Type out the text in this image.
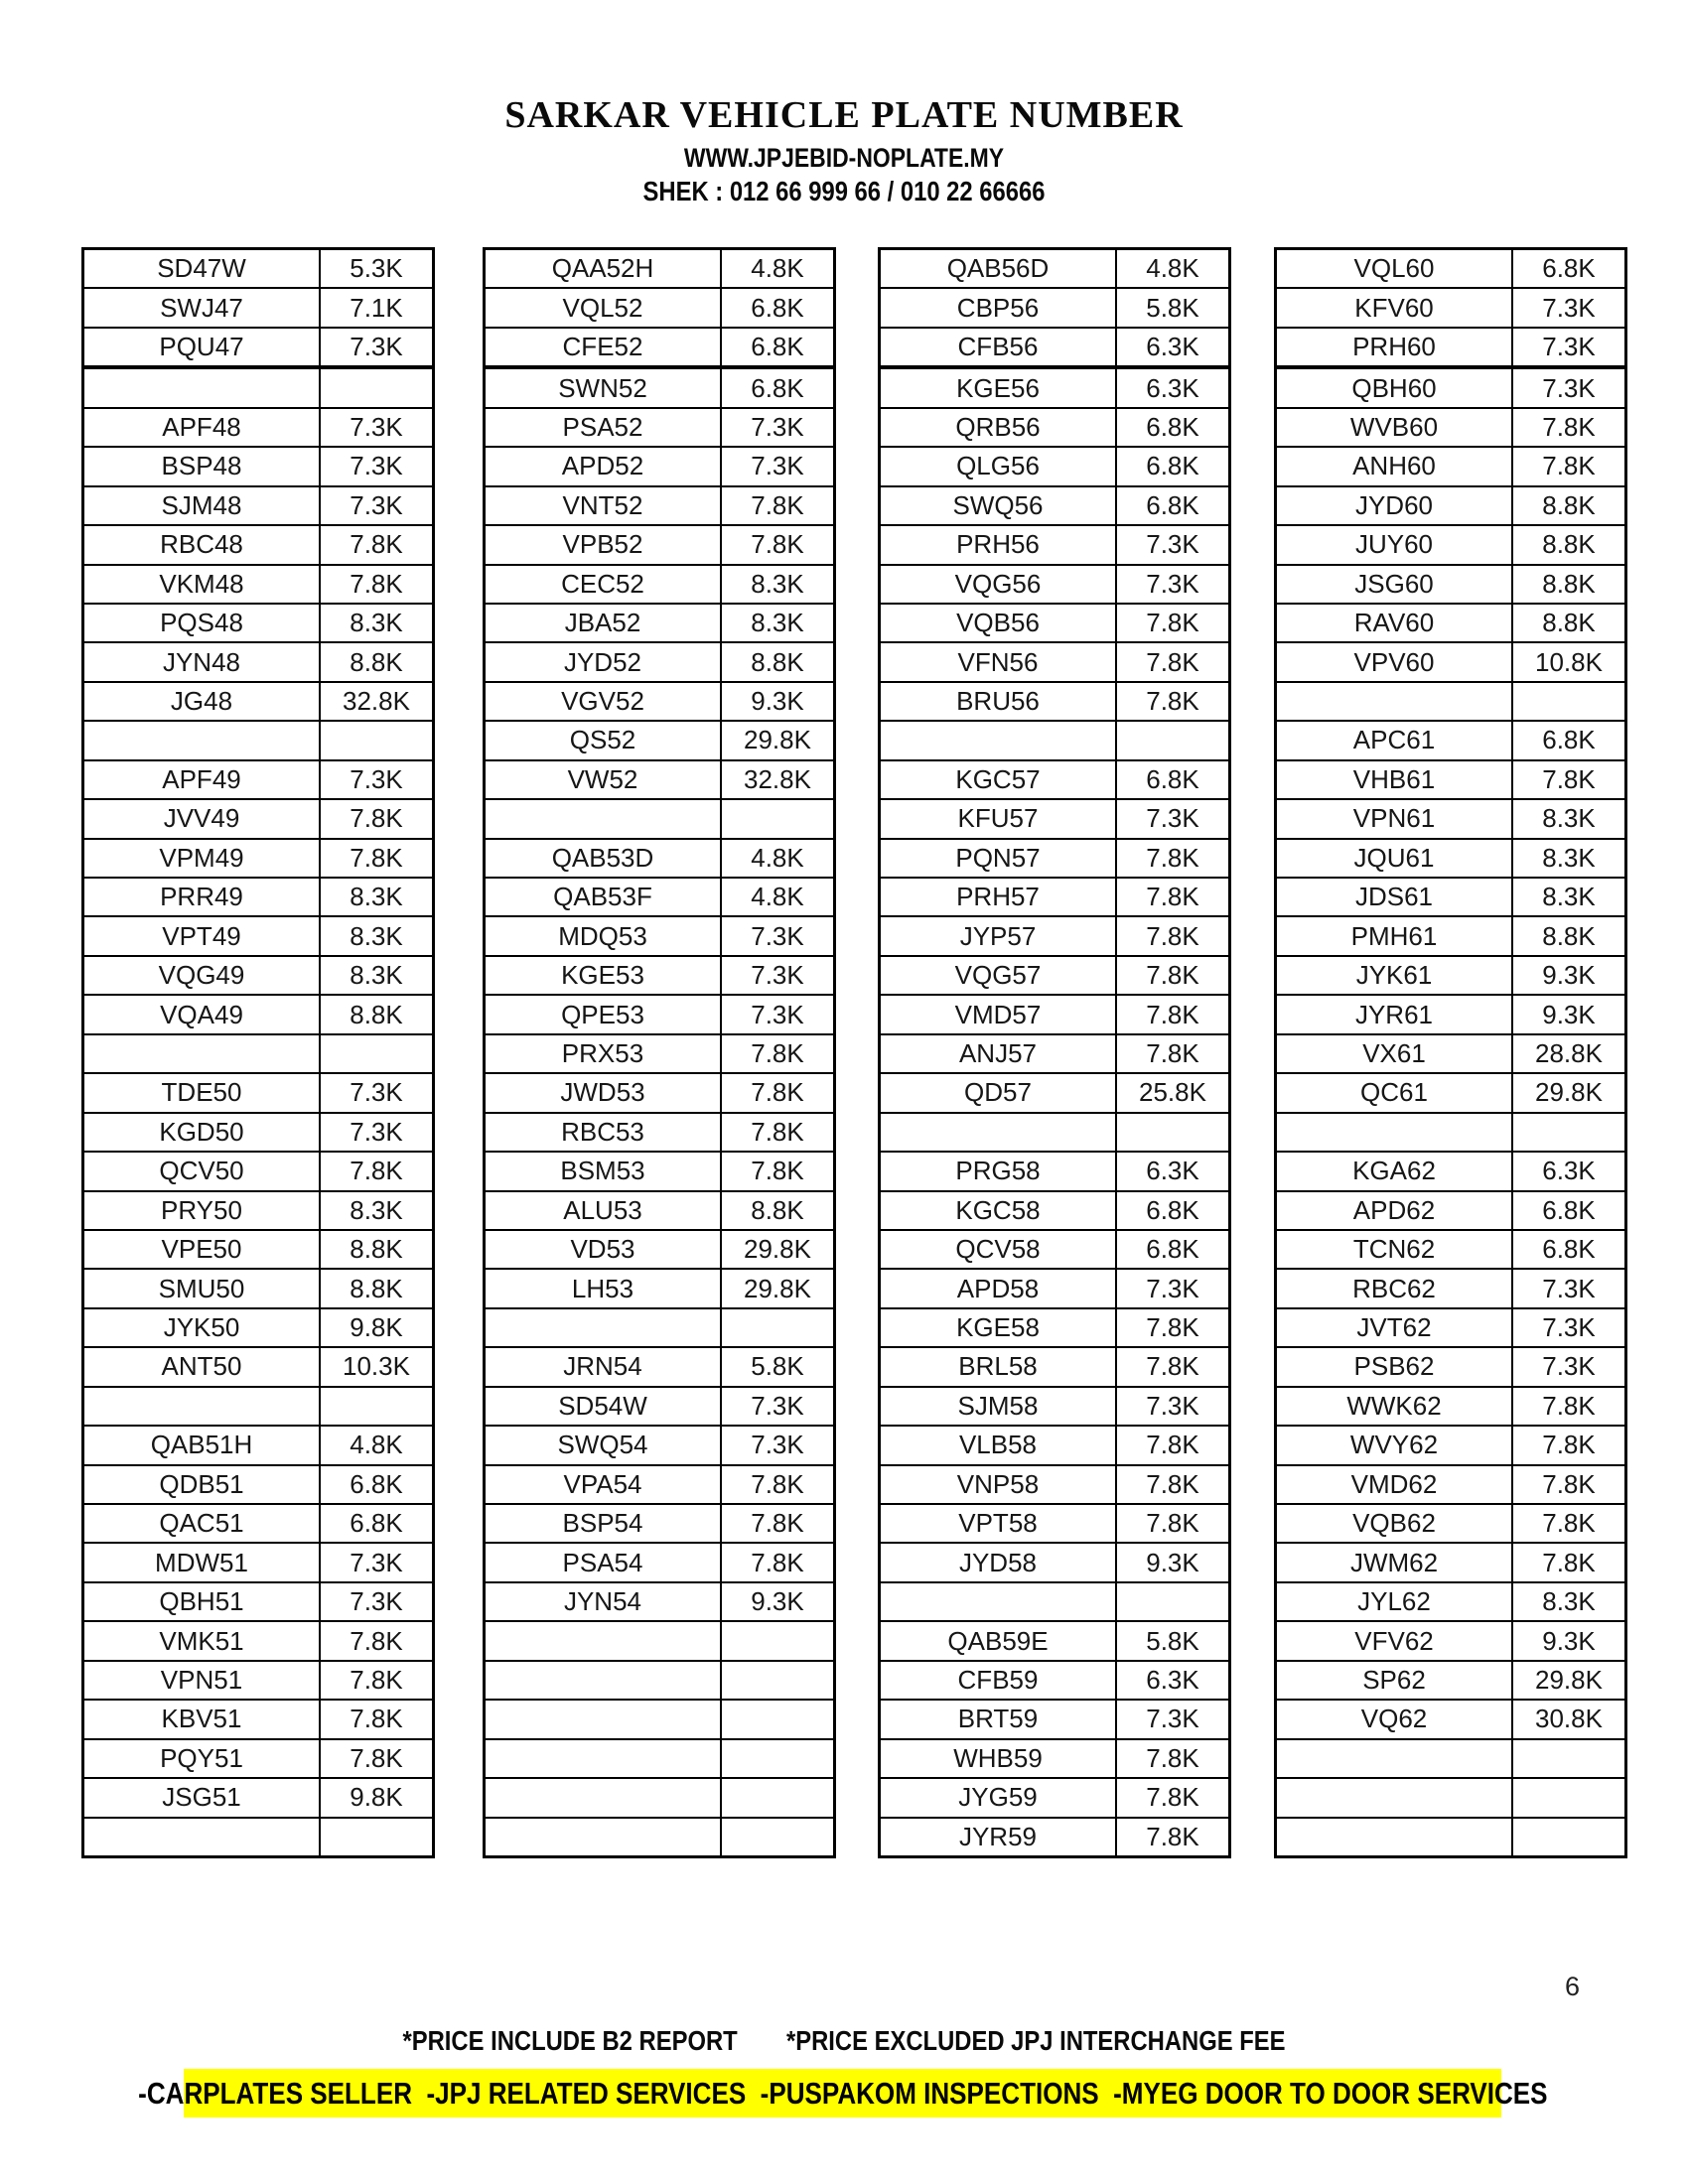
SARKAR VEHICLE PLATE NUMBER
WWW.JPJEBID-NOPLATE.MY
SHEK : 012 66 999 66 / 010 22 66666
SD47W	5.3K
SWJ47	7.1K
PQU47	7.3K

APF48	7.3K
BSP48	7.3K
SJM48	7.3K
RBC48	7.8K
VKM48	7.8K
PQS48	8.3K
JYN48	8.8K
JG48	32.8K

APF49	7.3K
JVV49	7.8K
VPM49	7.8K
PRR49	8.3K
VPT49	8.3K
VQG49	8.3K
VQA49	8.8K

TDE50	7.3K
KGD50	7.3K
QCV50	7.8K
PRY50	8.3K
VPE50	8.8K
SMU50	8.8K
JYK50	9.8K
ANT50	10.3K

QAB51H	4.8K
QDB51	6.8K
QAC51	6.8K
MDW51	7.3K
QBH51	7.3K
VMK51	7.8K
VPN51	7.8K
KBV51	7.8K
PQY51	7.8K
JSG51	9.8K

QAA52H	4.8K
VQL52	6.8K
CFE52	6.8K
SWN52	6.8K
PSA52	7.3K
APD52	7.3K
VNT52	7.8K
VPB52	7.8K
CEC52	8.3K
JBA52	8.3K
JYD52	8.8K
VGV52	9.3K
QS52	29.8K
VW52	32.8K

QAB53D	4.8K
QAB53F	4.8K
MDQ53	7.3K
KGE53	7.3K
QPE53	7.3K
PRX53	7.8K
JWD53	7.8K
RBC53	7.8K
BSM53	7.8K
ALU53	8.8K
VD53	29.8K
LH53	29.8K

JRN54	5.8K
SD54W	7.3K
SWQ54	7.3K
VPA54	7.8K
BSP54	7.8K
PSA54	7.8K
JYN54	9.3K

QAB56D	4.8K
CBP56	5.8K
CFB56	6.3K
KGE56	6.3K
QRB56	6.8K
QLG56	6.8K
SWQ56	6.8K
PRH56	7.3K
VQG56	7.3K
VQB56	7.8K
VFN56	7.8K
BRU56	7.8K

KGC57	6.8K
KFU57	7.3K
PQN57	7.8K
PRH57	7.8K
JYP57	7.8K
VQG57	7.8K
VMD57	7.8K
ANJ57	7.8K
QD57	25.8K

PRG58	6.3K
KGC58	6.8K
QCV58	6.8K
APD58	7.3K
KGE58	7.8K
BRL58	7.8K
SJM58	7.3K
VLB58	7.8K
VNP58	7.8K
VPT58	7.8K
JYD58	9.3K

QAB59E	5.8K
CFB59	6.3K
BRT59	7.3K
WHB59	7.8K
JYG59	7.8K
JYR59	7.8K
VQL60	6.8K
KFV60	7.3K
PRH60	7.3K
QBH60	7.3K
WVB60	7.8K
ANH60	7.8K
JYD60	8.8K
JUY60	8.8K
JSG60	8.8K
RAV60	8.8K
VPV60	10.8K

APC61	6.8K
VHB61	7.8K
VPN61	8.3K
JQU61	8.3K
JDS61	8.3K
PMH61	8.8K
JYK61	9.3K
JYR61	9.3K
VX61	28.8K
QC61	29.8K

KGA62	6.3K
APD62	6.8K
TCN62	6.8K
RBC62	7.3K
JVT62	7.3K
PSB62	7.3K
WWK62	7.8K
WVY62	7.8K
VMD62	7.8K
VQB62	7.8K
JWM62	7.8K
JYL62	8.3K
VFV62	9.3K
SP62	29.8K
VQ62	30.8K

6
*PRICE INCLUDE B2 REPORT *PRICE EXCLUDED JPJ INTERCHANGE FEE
-CARPLATES SELLER  -JPJ RELATED SERVICES  -PUSPAKOM INSPECTIONS  -MYEG DOOR TO DOOR SERVICES
